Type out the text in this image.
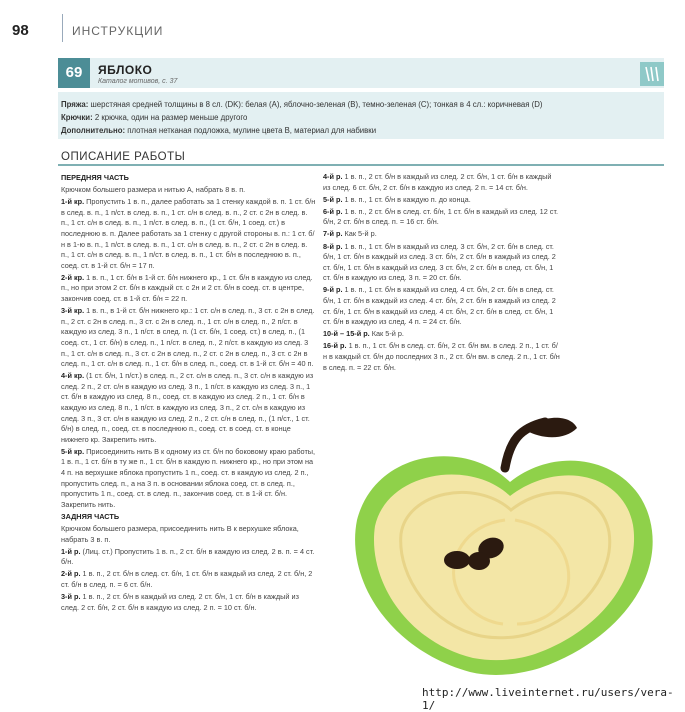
98	ИНСТРУКЦИИ
69	ЯБЛОКО
Каталог мотивов, с. 37
Пряжа: шерстяная средней толщины в 8 сл. (DK): белая (A), яблочно-зеленая (B), темно-зеленая (C); тонкая в 4 сл.: коричневая (D)
Крючки: 2 крючка, один на размер меньше другого
Дополнительно: плотная нетканая подложка, мулине цвета B, материал для набивки
ОПИСАНИЕ РАБОТЫ

ПЕРЕДНЯЯ ЧАСТЬ

Крючком большего размера и нитью A, набрать 8 в. п.

1-й кр. Пропустить 1 в. п., далее работать за 1 стенку каждой в. п. 1 ст. б/н в след. в. п., 1 п/ст. в след. в. п., 1 ст. с/н в след. в. п., 2 ст. с 2н в след. в. п., 1 ст. с/н в след. в. п., 1 п/ст. в след. в. п., (1 ст. б/н, 1 соед. ст.) в последнюю в. п. Далее работать за 1 стенку с другой стороны в. п.: 1 ст. б/н в 1-ю в. п., 1 п/ст. в след. в. п., 1 ст. с/н в след. в. п., 2 ст. с 2н в след. в. п., 1 ст. с/н в след. в. п., 1 п/ст. в след. в. п., 1 ст. б/н в последнюю в. п., соед. ст. в 1-й ст. б/н = 17 п.

2-й кр. 1 в. п., 1 ст. б/н в 1-й ст. б/н нижнего кр., 1 ст. б/н в каждую из след. п., но при этом 2 ст. б/н в каждый ст. с 2н и 2 ст. б/н в соед. ст. в центре, закончив соед. ст. в 1-й ст. б/н = 22 п.

3-й кр. 1 в. п., в 1-й ст. б/н нижнего кр.: 1 ст. с/н в след. п., 3 ст. с 2н в след. п., 2 ст. с 2н в след. п., 3 ст. с 2н в след. п., 1 ст. с/н в след. п., 2 п/ст. в каждую из след. 3 п., 1 п/ст. в след. п. (1 ст. б/н, 1 соед. ст.) в след. п., (1 соед. ст., 1 ст. б/н) в след. п., 1 п/ст. в след. п., 2 п/ст. в каждую из след. 3 п., 1 ст. с/н в след. п., 3 ст. с 2н в след. п., 2 ст. с 2н в след. п., 3 ст. с 2н в след. п., 1 ст. с/н в след. п., 1 ст. б/н в след. п., соед. ст. в 1-й ст. б/н = 40 п.

4-й кр. (1 ст. б/н, 1 п/ст.) в след. п., 2 ст. с/н в след. п., 3 ст. с/н в каждую из след. 2 п., 2 ст. с/н в каждую из след. 3 п., 1 п/ст. в каждую из след. 3 п., 1 ст. б/н в каждую из след. 8 п., соед. ст. в каждую из след. 2 п., 1 ст. б/н в каждую из след. 8 п., 1 п/ст. в каждую из след. 3 п., 2 ст. с/н в каждую из след. 3 п., 3 ст. с/н в каждую из след. 2 п., 2 ст. с/н в след. п., (1 п/ст., 1 ст. б/н) в след. п., соед. ст. в последнюю п., соед. ст. в соед. ст. в конце нижнего кр. Закрепить нить.

5-й кр. Присоединить нить B к одному из ст. б/н по боковому краю работы, 1 в. п., 1 ст. б/н в ту же п., 1 ст. б/н в каждую п. нижнего кр., но при этом на 4 п. на верхушке яблока пропустить 1 п., соед. ст. в каждую из след. 2 п., пропустить след. п., а на 3 п. в основании яблока соед. ст. в след. п., пропустить 1 п., соед. ст. в след. п., закончив соед. ст. в 1-й ст. б/н. Закрепить нить.

ЗАДНЯЯ ЧАСТЬ

Крючком большего размера, присоединить нить B к верхушке яблока, набрать 3 в. п.

1-й р. (Лиц. ст.) Пропустить 1 в. п., 2 ст. б/н в каждую из след. 2 в. п. = 4 ст. б/н.

2-й р. 1 в. п., 2 ст. б/н в след. ст. б/н, 1 ст. б/н в каждый из след. 2 ст. б/н, 2 ст. б/н в след. п. = 6 ст. б/н.

3-й р. 1 в. п., 2 ст. б/н в каждый из след. 2 ст. б/н, 1 ст. б/н в каждый из след. 2 ст. б/н, 2 ст. б/н в каждую из след. 2 п. = 10 ст. б/н.

4-й р. 1 в. п., 2 ст. б/н в каждый из след. 2 ст. б/н, 1 ст. б/н в каждый из след. 6 ст. б/н, 2 ст. б/н в каждую из след. 2 п. = 14 ст. б/н.

5-й р. 1 в. п., 1 ст. б/н в каждую п. до конца.

6-й р. 1 в. п., 2 ст. б/н в след. ст. б/н, 1 ст. б/н в каждый из след. 12 ст. б/н, 2 ст. б/н в след. п. = 16 ст. б/н.

7-й р. Как 5-й р.

8-й р. 1 в. п., 1 ст. б/н в каждый из след. 3 ст. б/н, 2 ст. б/н в след. ст. б/н, 1 ст. б/н в каждый из след. 3 ст. б/н, 2 ст. б/н в каждый из след. 2 ст. б/н, 1 ст. б/н в каждый из след. 3 ст. б/н, 2 ст. б/н в след. ст. б/н, 1 ст. б/н в каждую из след. 3 п. = 20 ст. б/н.

9-й р. 1 в. п., 1 ст. б/н в каждый из след. 4 ст. б/н, 2 ст. б/н в след. ст. б/н, 1 ст. б/н в каждый из след. 4 ст. б/н, 2 ст. б/н в каждый из след. 2 ст. б/н, 1 ст. б/н в каждый из след. 4 ст. б/н, 2 ст. б/н в след. ст. б/н, 1 ст. б/н в каждую из след. 4 п. = 24 ст. б/н.

10-й – 15-й р. Как 5-й р.

16-й р. 1 в. п., 1 ст. б/н в след. ст. б/н, 2 ст. б/н вм. в след. 2 п., 1 ст. б/н в каждый ст. б/н до последних 3 п., 2 ст. б/н вм. в след. 2 п., 1 ст. б/н в след. п. = 22 ст. б/н.

http://www.liveinternet.ru/users/vera-1/
